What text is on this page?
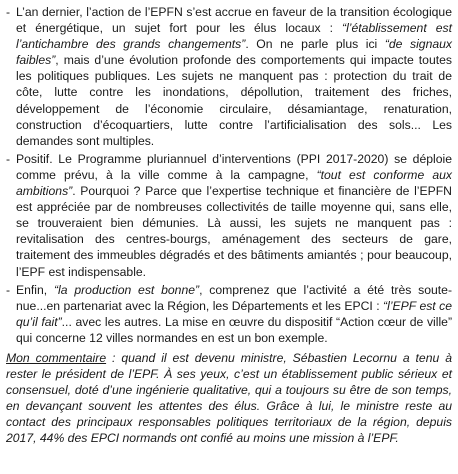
- L’an dernier, l’action de l’EPFN s’est accrue en faveur de la transition écologique et énergétique, un sujet fort pour les élus locaux : “l’établissement est l’antichambre des grands changements”. On ne parle plus ici “de signaux faibles”, mais d’une évolution profonde des comportements qui impacte toutes les politiques publiques. Les sujets ne manquent pas : protection du trait de côte, lutte contre les inondations, dépollution, traitement des friches, développement de l’économie circulaire, désamiantage, renaturation, construction d’écoquartiers, lutte contre l’artificialisation des sols... Les demandes sont multiples.
- Positif. Le Programme pluriannuel d’interventions (PPI 2017-2020) se déploie comme prévu, à la ville comme à la campagne, “tout est conforme aux ambitions”. Pourquoi ? Parce que l’expertise technique et financière de l’EPFN est appréciée par de nombreuses collectivités de taille moyenne qui, sans elle, se trouveraient bien démunies. Là aussi, les sujets ne manquent pas : revitalisation des centres-bourgs, aménagement des secteurs de gare, traitement des immeubles dégradés et des bâtiments amiantés ; pour beaucoup, l’EPF est indispensable.
- Enfin, “la production est bonne”, comprenez que l’activité a été très soutenue...en partenariat avec la Région, les Départements et les EPCI : “l’EPF est ce qu’il fait”... avec les autres. La mise en œuvre du dispositif “Action cœur de ville” qui concerne 12 villes normandes en est un bon exemple.

Mon commentaire : quand il est devenu ministre, Sébastien Lecornu a tenu à rester le président de l’EPF. À ses yeux, c’est un établissement public sérieux et consensuel, doté d’une ingénierie qualitative, qui a toujours su être de son temps, en devançant souvent les attentes des élus. Grâce à lui, le ministre reste au contact des principaux responsables politiques territoriaux de la région, depuis 2017, 44% des EPCI normands ont confié au moins une mission à l’EPF.
